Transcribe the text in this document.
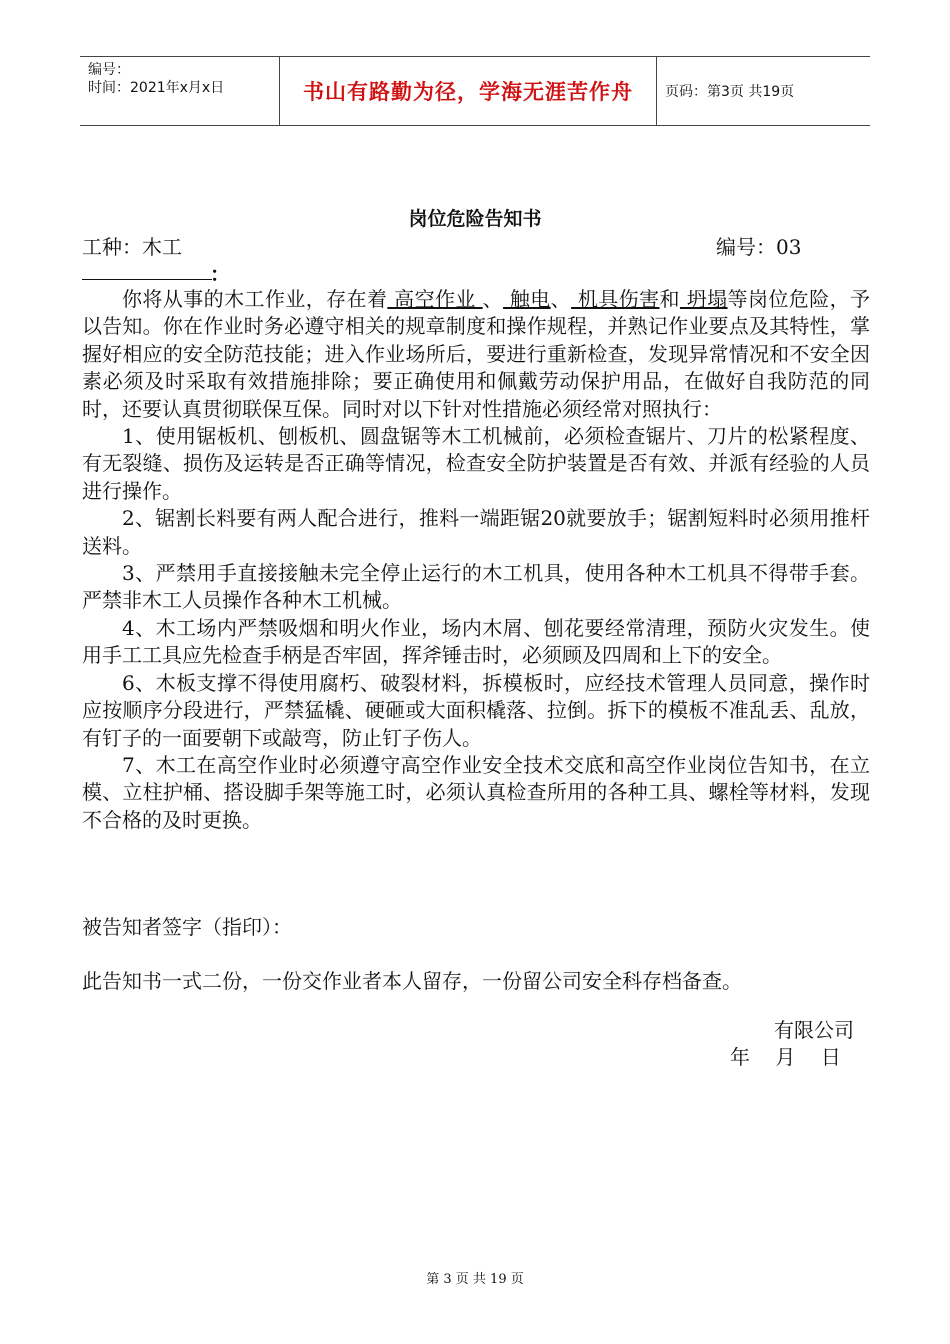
编号：
时间：2021年x月x日	书山有路勤为径，学海无涯苦作舟	页码：第3页 共19页
岗位危险告知书
工种：木工	编号：03
：

你将从事的木工作业，存在着 高空作业 、 触电、 机具伤害和 坍塌等岗位危险，予以告知。你在作业时务必遵守相关的规章制度和操作规程，并熟记作业要点及其特性，掌握好相应的安全防范技能；进入作业场所后，要进行重新检查，发现异常情况和不安全因素必须及时采取有效措施排除；要正确使用和佩戴劳动保护用品，在做好自我防范的同时，还要认真贯彻联保互保。同时对以下针对性措施必须经常对照执行：

1、使用锯板机、刨板机、圆盘锯等木工机械前，必须检查锯片、刀片的松紧程度、有无裂缝、损伤及运转是否正确等情况，检查安全防护装置是否有效、并派有经验的人员进行操作。

2、锯割长料要有两人配合进行，推料一端距锯20就要放手；锯割短料时必须用推杆送料。

3、严禁用手直接接触未完全停止运行的木工机具，使用各种木工机具不得带手套。严禁非木工人员操作各种木工机械。

4、木工场内严禁吸烟和明火作业，场内木屑、刨花要经常清理，预防火灾发生。使用手工工具应先检查手柄是否牢固，挥斧锤击时，必须顾及四周和上下的安全。

6、木板支撑不得使用腐朽、破裂材料，拆模板时，应经技术管理人员同意，操作时应按顺序分段进行，严禁猛橇、硬砸或大面积橇落、拉倒。拆下的模板不准乱丢、乱放，有钉子的一面要朝下或敲弯，防止钉子伤人。

7、木工在高空作业时必须遵守高空作业安全技术交底和高空作业岗位告知书，在立模、立柱护桶、搭设脚手架等施工时，必须认真检查所用的各种工具、螺栓等材料，发现不合格的及时更换。

被告知者签字（指印）：
此告知书一式二份，一份交作业者本人留存，一份留公司安全科存档备查。
有限公司
年    月    日
第 3 页 共 19 页
